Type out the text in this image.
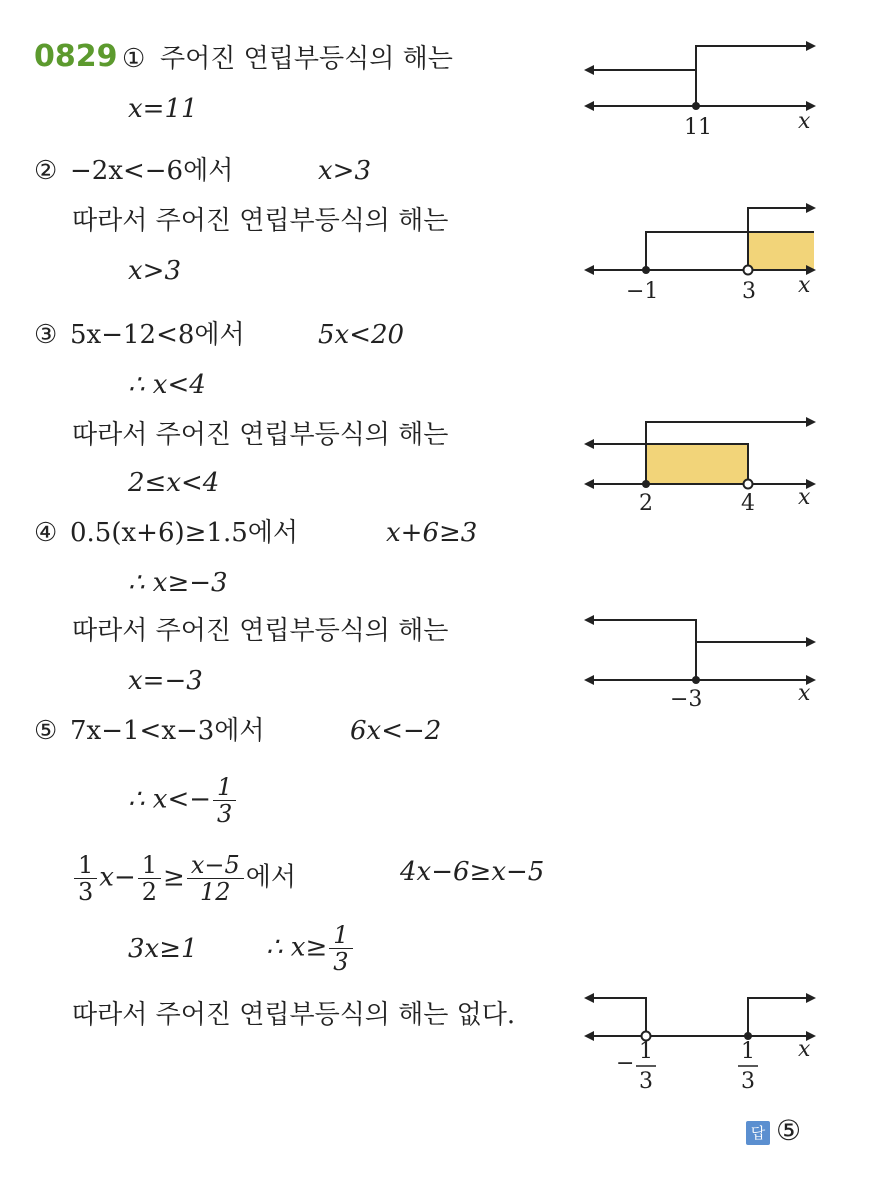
0829 ① 주어진 연립부등식의 해는
x=11
11	x
② −2x<−6에서	x>3
따라서 주어진 연립부등식의 해는
x>3
−1	3 x
③ 5x−12<8에서	5x<20
∴ x<4
따라서 주어진 연립부등식의 해는
2≤x<4
2	4 x
④ 0.5(x+6)≥1.5에서	x+6≥3
∴ x≥−3
따라서 주어진 연립부등식의 해는
x=−3
−3	x
⑤ 7x−1<x−3에서	6x<−2
∴ $x<- \frac{1}{3}$
$\frac{1}{3} x- \frac{1}{2} \ge \frac{x-5}{12}$ 에서	4x−6≥x−5
3x≥1	∴ $x\ge \frac{1}{3}$
따라서 주어진 연립부등식의 해는 없다.
− 1
3
1
3
x
답 ⑤
